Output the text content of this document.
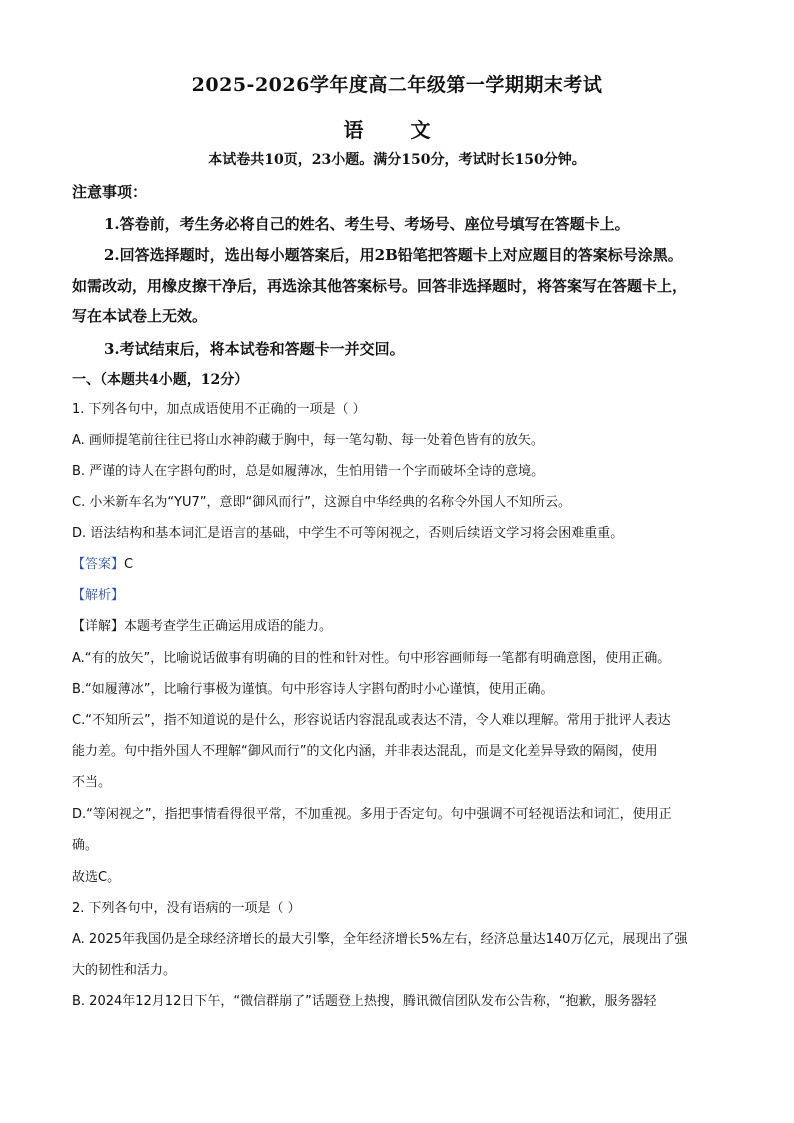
2025-2026学年度高二年级第一学期期末考试
语 文
本试卷共10页，23小题。满分150分，考试时长150分钟。
注意事项：
1.答卷前，考生务必将自己的姓名、考生号、考场号、座位号填写在答题卡上。
2.回答选择题时，选出每小题答案后，用2B铅笔把答题卡上对应题目的答案标号涂黑。
如需改动，用橡皮擦干净后，再选涂其他答案标号。回答非选择题时，将答案写在答题卡上，
写在本试卷上无效。
3.考试结束后，将本试卷和答题卡一并交回。
一、（本题共4小题，12分）
1. 下列各句中，加点成语使用不正确的一项是（ ）
A. 画师提笔前往往已将山水神韵藏于胸中，每一笔勾勒、每一处着色皆有的放矢。
B. 严谨的诗人在字斟句酌时，总是如履薄冰，生怕用错一个字而破坏全诗的意境。
C. 小米新车名为“YU7”，意即“御风而行”，这源自中华经典的名称令外国人不知所云。
D. 语法结构和基本词汇是语言的基础，中学生不可等闲视之，否则后续语文学习将会困难重重。
【答案】C
【解析】
【详解】本题考查学生正确运用成语的能力。
A.“有的放矢”，比喻说话做事有明确的目的性和针对性。句中形容画师每一笔都有明确意图，使用正确。
B.“如履薄冰”，比喻行事极为谨慎。句中形容诗人字斟句酌时小心谨慎，使用正确。
C.“不知所云”，指不知道说的是什么，形容说话内容混乱或表达不清，令人难以理解。常用于批评人表达
能力差。句中指外国人不理解“御风而行”的文化内涵，并非表达混乱，而是文化差异导致的隔阂，使用
不当。
D.“等闲视之”，指把事情看得很平常，不加重视。多用于否定句。句中强调不可轻视语法和词汇，使用正
确。
故选C。
2. 下列各句中，没有语病的一项是（ ）
A. 2025年我国仍是全球经济增长的最大引擎，全年经济增长5%左右，经济总量达140万亿元，展现出了强
大的韧性和活力。
B. 2024年12月12日下午，“微信群崩了”话题登上热搜，腾讯微信团队发布公告称，“抱歉，服务器轻
